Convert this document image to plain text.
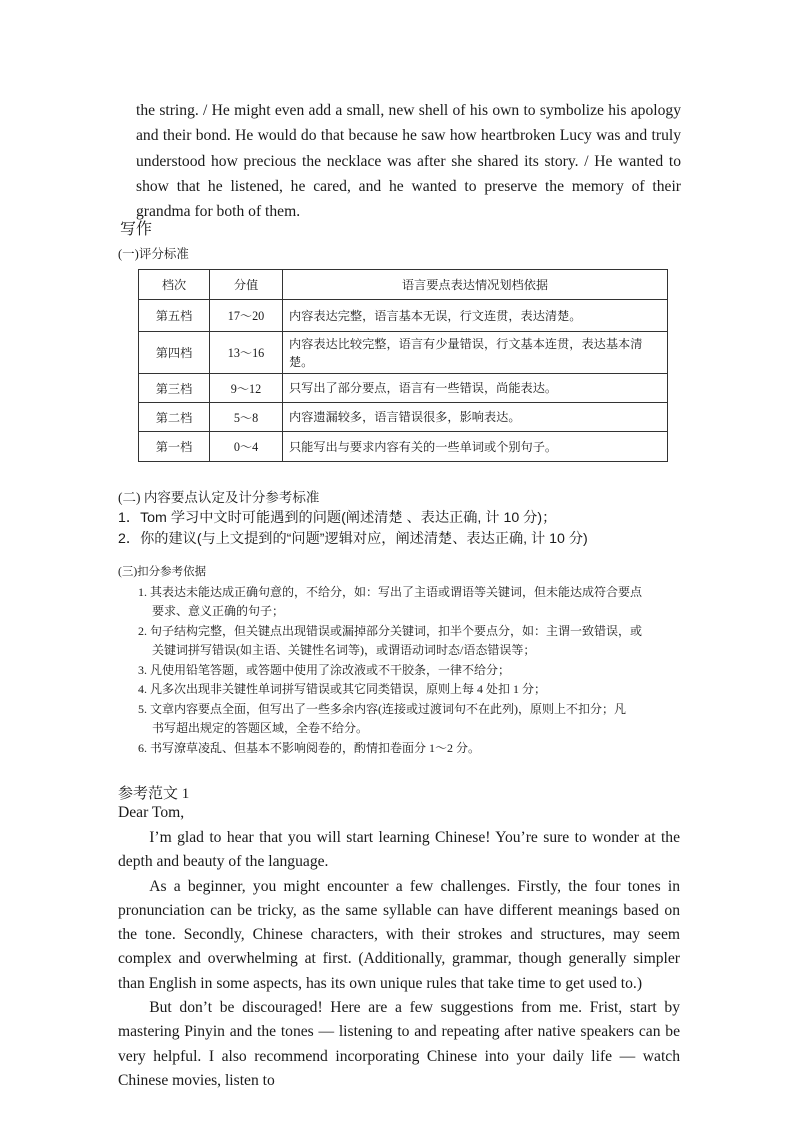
the string. / He might even add a small, new shell of his own to symbolize his apology and their bond. He would do that because he saw how heartbroken Lucy was and truly understood how precious the necklace was after she shared its story. / He wanted to show that he listened, he cared, and he wanted to preserve the memory of their grandma for both of them.

写作
(一)评分标准
档次	分值	语言要点表达情况划档依据
第五档	17～20	内容表达完整，语言基本无误，行文连贯，表达清楚。
第四档	13～16	内容表达比较完整，语言有少量错误，行文基本连贯，表达基本清楚。
第三档	9～12	只写出了部分要点，语言有一些错误，尚能表达。
第二档	5～8	内容遗漏较多，语言错误很多，影响表达。
第一档	0～4	只能写出与要求内容有关的一些单词或个别句子。
(二) 内容要点认定及计分参考标准
1．Tom 学习中文时可能遇到的问题(阐述清楚 、表达正确, 计 10 分)；
2．你的建议(与上文提到的“问题”逻辑对应，阐述清楚、表达正确, 计 10 分)
(三)扣分参考依据
1. 其表达未能达成正确句意的，不给分，如：写出了主语或谓语等关键词，但未能达成符合要点
要求、意义正确的句子；
2. 句子结构完整，但关键点出现错误或漏掉部分关键词，扣半个要点分，如：主谓一致错误，或
关键词拼写错误(如主语、关键性名词等)，或谓语动词时态/语态错误等；
3. 凡使用铅笔答题，或答题中使用了涂改液或不干胶条，一律不给分；
4. 凡多次出现非关键性单词拼写错误或其它同类错误，原则上每 4 处扣 1 分；
5. 文章内容要点全面，但写出了一些多余内容(连接或过渡词句不在此列)，原则上不扣分；凡
书写超出规定的答题区域，全卷不给分。
6. 书写潦草凌乱、但基本不影响阅卷的，酌情扣卷面分 1～2 分。
参考范文 1
Dear Tom,

I’m glad to hear that you will start learning Chinese! You’re sure to wonder at the depth and beauty of the language.

As a beginner, you might encounter a few challenges. Firstly, the four tones in pronunciation can be tricky, as the same syllable can have different meanings based on the tone. Secondly, Chinese characters, with their strokes and structures, may seem complex and overwhelming at first. (Additionally, grammar, though generally simpler than English in some aspects, has its own unique rules that take time to get used to.)

But don’t be discouraged! Here are a few suggestions from me. Frist, start by mastering Pinyin and the tones — listening to and repeating after native speakers can be very helpful. I also recommend incorporating Chinese into your daily life — watch Chinese movies, listen to
